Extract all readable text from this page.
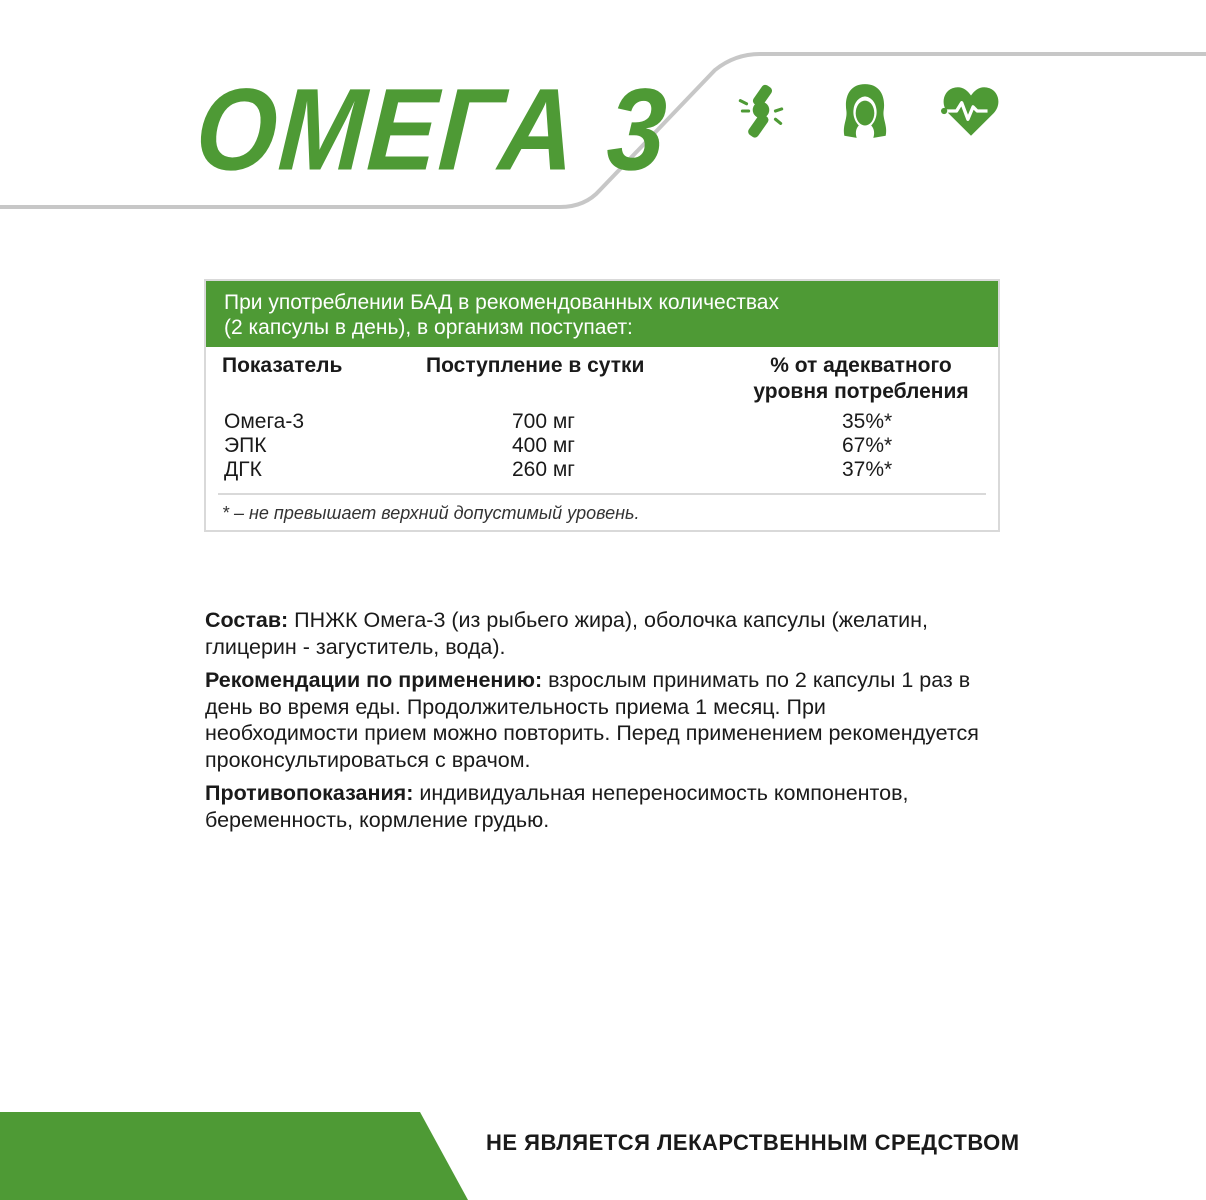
ОМЕГА 3
При употреблении БАД в рекомендованных количествах
(2 капсулы в день), в организм поступает:
Показатель	Поступление в сутки	% от адекватного
уровня потребления
Омега-3	700 мг	35%*
ЭПК	400 мг	67%*
ДГК	260 мг	37%*
* – не превышает верхний допустимый уровень.

Состав: ПНЖК Омега-3 (из рыбьего жира), оболочка капсулы (желатин, глицерин - загуститель, вода).

Рекомендации по применению: взрослым принимать по 2 капсулы 1 раз в день во время еды. Продолжительность приема 1 месяц. При необходимости прием можно повторить. Перед применением рекомендуется проконсультироваться с врачом.

Противопоказания: индивидуальная непереносимость компонентов, беременность, кормление грудью.

НЕ ЯВЛЯЕТСЯ ЛЕКАРСТВЕННЫМ СРЕДСТВОМ
